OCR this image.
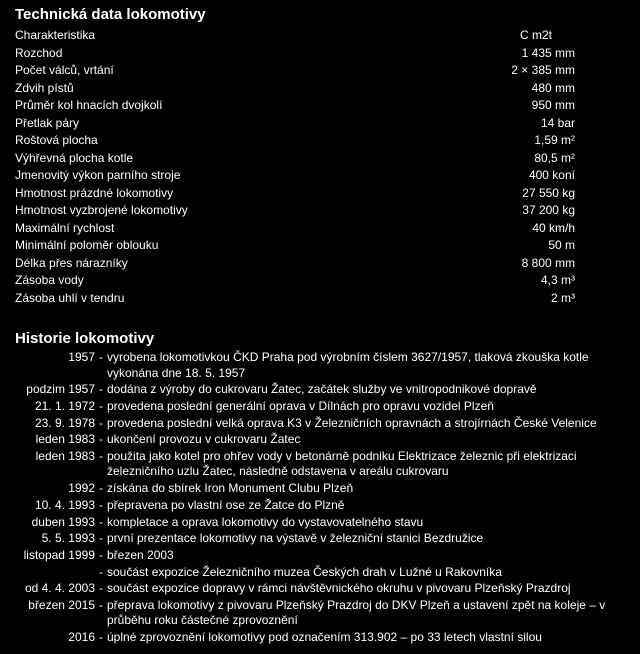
Technická data lokomotivy
Charakteristika	C m2t
Rozchod	1 435 mm
Počet válců, vrtání	2 × 385 mm
Zdvih pístů	480 mm
Průměr kol hnacích dvojkolí	950 mm
Přetlak páry	14 bar
Roštová plocha	1,59 m²
Výhřevná plocha kotle	80,5 m²
Jmenovitý výkon parního stroje	400 koní
Hmotnost prázdné lokomotivy	27 550 kg
Hmotnost vyzbrojené lokomotivy	37 200 kg
Maximální rychlost	40 km/h
Minimální poloměr oblouku	50 m
Délka přes nárazníky	8 800 mm
Zásoba vody	4,3 m³
Zásoba uhlí v tendru	2 m³
Historie lokomotivy
1957 - vyrobena lokomotivkou ČKD Praha pod výrobním číslem 3627/1957, tlaková zkouška kotle vykonána dne 18. 5. 1957
podzim 1957 - dodána z výroby do cukrovaru Žatec, začátek služby ve vnitropodnikové dopravě
21. 1. 1972 - provedena poslední generální oprava v Dílnách pro opravu vozidel Plzeň
23. 9. 1978 - provedena poslední velká oprava K3 v Železničních opravnách a strojírnách České Velenice
leden 1983 - ukončení provozu v cukrovaru Žatec
leden 1983 - použita jako kotel pro ohřev vody v betonárně podniku Elektrizace železnic při elektrizaci železničního uzlu Žatec, následně odstavena v areálu cukrovaru
1992 - získána do sbírek Iron Monument Clubu Plzeň
10. 4. 1993 - přepravena po vlastní ose ze Žatce do Plzně
duben 1993 - kompletace a oprava lokomotivy do vystavovatelného stavu
5. 5. 1993 - první prezentace lokomotivy na výstavě v železniční stanici Bezdružice
listopad 1999 - březen 2003
- součást expozice Železničního muzea Českých drah v Lužné u Rakovníka
od 4. 4. 2003 - součást expozice dopravy v rámci návštěvnického okruhu v pivovaru Plzeňský Prazdroj
březen 2015 - přeprava lokomotivy z pivovaru Plzeňský Prazdroj do DKV Plzeň a ustavení zpět na koleje – v průběhu roku částečné zprovoznění
2016 - úplné zprovoznění lokomotivy pod označením 313.902 – po 33 letech vlastní silou
